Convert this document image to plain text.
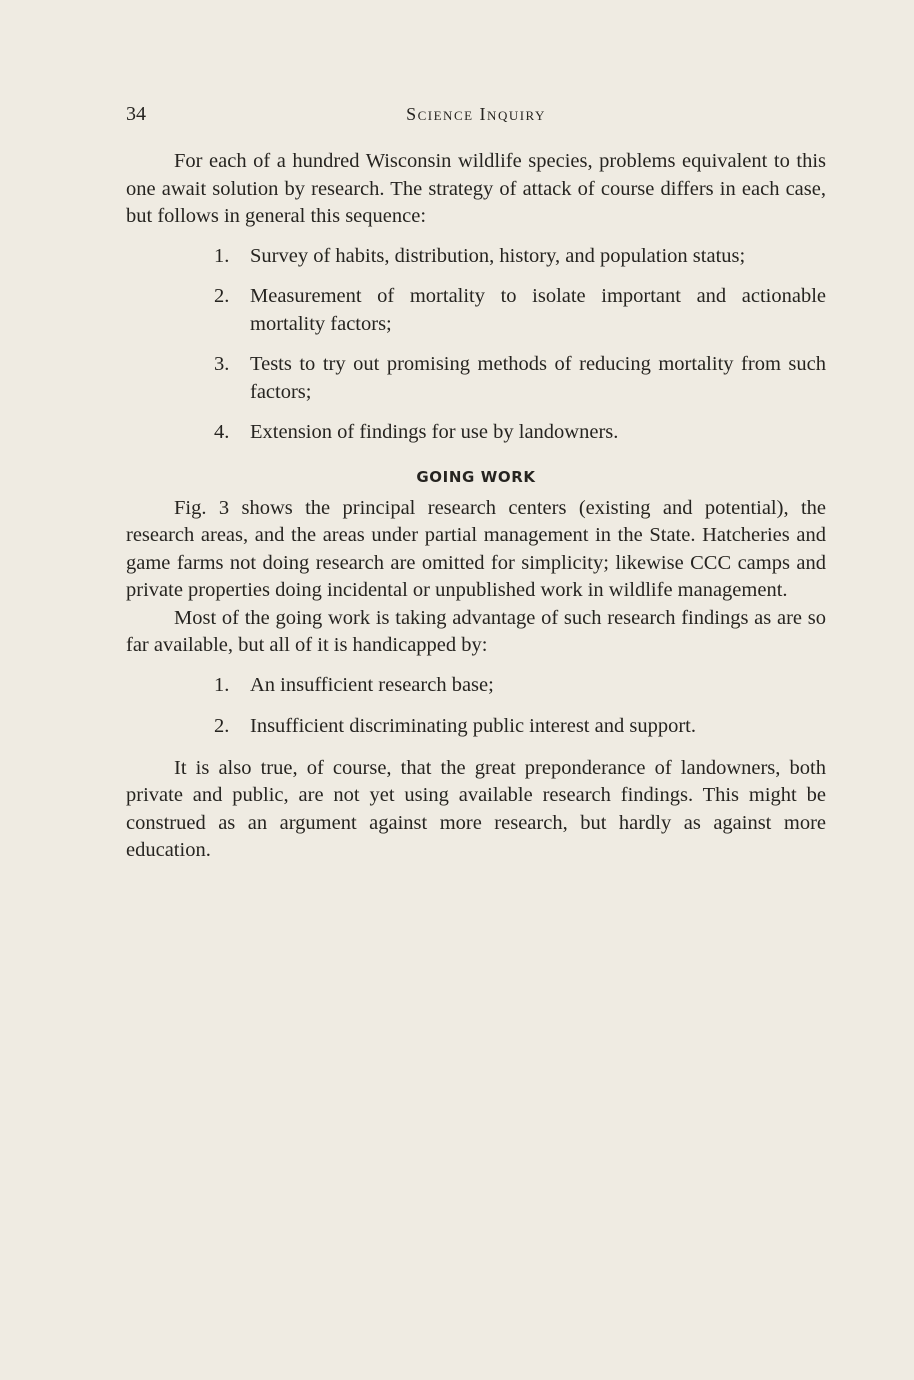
34	Science Inquiry

For each of a hundred Wisconsin wildlife species, problems equivalent to this one await solution by research. The strategy of attack of course differs in each case, but follows in general this sequence:

1. Survey of habits, distribution, history, and population status;
2. Measurement of mortality to isolate important and actionable mortality factors;
3. Tests to try out promising methods of reducing mortality from such factors;
4. Extension of findings for use by landowners.
GOING WORK

Fig. 3 shows the principal research centers (existing and potential), the research areas, and the areas under partial management in the State. Hatcheries and game farms not doing research are omitted for simplicity; likewise CCC camps and private properties doing incidental or unpublished work in wildlife management.

Most of the going work is taking advantage of such research findings as are so far available, but all of it is handicapped by:

1. An insufficient research base;
2. Insufficient discriminating public interest and support.

It is also true, of course, that the great preponderance of landowners, both private and public, are not yet using available research findings. This might be construed as an argument against more research, but hardly as against more education.
